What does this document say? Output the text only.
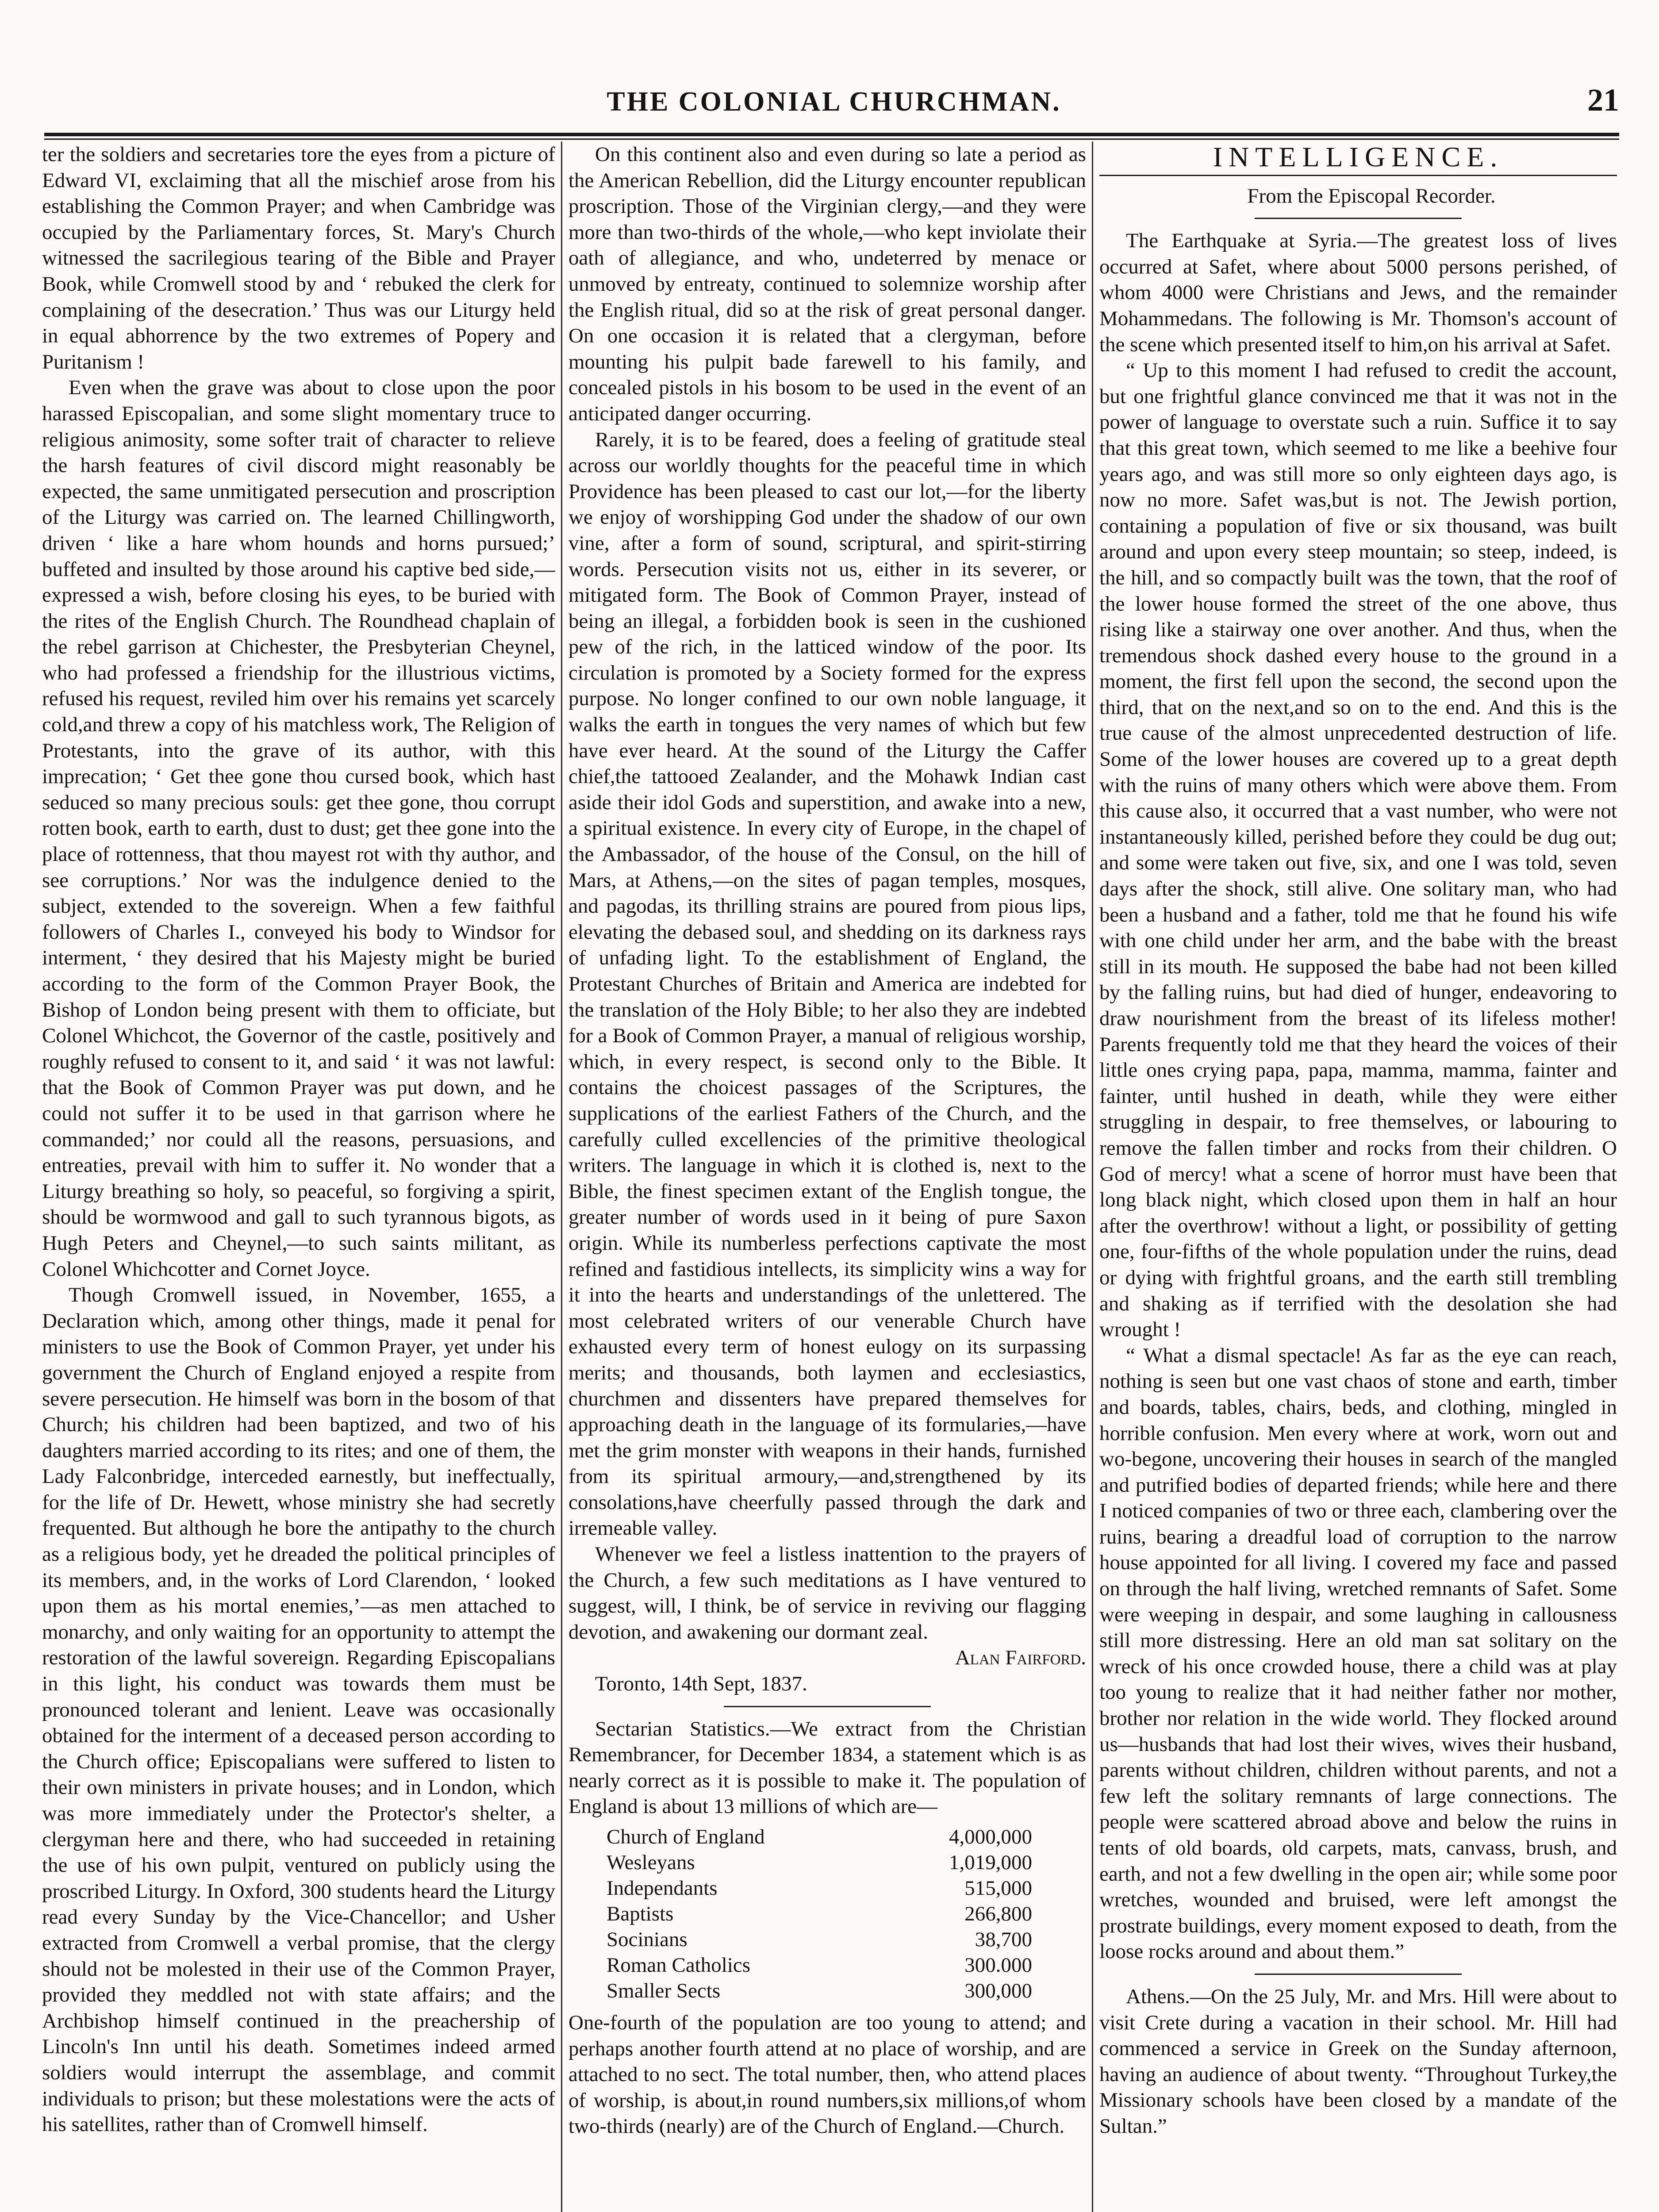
THE COLONIAL CHURCHMAN.	21

ter the soldiers and secretaries tore the eyes from a picture of Edward VI, exclaiming that all the mischief arose from his establishing the Common Prayer; and when Cambridge was occupied by the Parliamentary forces, St. Mary's Church witnessed the sacrilegious tearing of the Bible and Prayer Book, while Cromwell stood by and ‘ rebuked the clerk for complaining of the desecration.’ Thus was our Liturgy held in equal abhorrence by the two extremes of Popery and Puritanism !

Even when the grave was about to close upon the poor harassed Episcopalian, and some slight momentary truce to religious animosity, some softer trait of character to relieve the harsh features of civil discord might reasonably be expected, the same unmitigated persecution and proscription of the Liturgy was carried on. The learned Chillingworth, driven ‘ like a hare whom hounds and horns pursued;’ buffeted and insulted by those around his captive bed side,—expressed a wish, before closing his eyes, to be buried with the rites of the English Church. The Roundhead chaplain of the rebel garrison at Chichester, the Presbyterian Cheynel, who had professed a friendship for the illustrious victims, refused his request, reviled him over his remains yet scarcely cold,and threw a copy of his matchless work, The Religion of Protestants, into the grave of its author, with this imprecation; ‘ Get thee gone thou cursed book, which hast seduced so many precious souls: get thee gone, thou corrupt rotten book, earth to earth, dust to dust; get thee gone into the place of rottenness, that thou mayest rot with thy author, and see corruptions.’ Nor was the indulgence denied to the subject, extended to the sovereign. When a few faithful followers of Charles I., conveyed his body to Windsor for interment, ‘ they desired that his Majesty might be buried according to the form of the Common Prayer Book, the Bishop of London being present with them to officiate, but Colonel Whichcot, the Governor of the castle, positively and roughly refused to consent to it, and said ‘ it was not lawful: that the Book of Common Prayer was put down, and he could not suffer it to be used in that garrison where he commanded;’ nor could all the reasons, persuasions, and entreaties, prevail with him to suffer it. No wonder that a Liturgy breathing so holy, so peaceful, so forgiving a spirit, should be wormwood and gall to such tyrannous bigots, as Hugh Peters and Cheynel,—to such saints militant, as Colonel Whichcotter and Cornet Joyce.

Though Cromwell issued, in November, 1655, a Declaration which, among other things, made it penal for ministers to use the Book of Common Prayer, yet under his government the Church of England enjoyed a respite from severe persecution. He himself was born in the bosom of that Church; his children had been baptized, and two of his daughters married according to its rites; and one of them, the Lady Falconbridge, interceded earnestly, but ineffectually, for the life of Dr. Hewett, whose ministry she had secretly frequented. But although he bore the antipathy to the church as a religious body, yet he dreaded the political principles of its members, and, in the works of Lord Clarendon, ‘ looked upon them as his mortal enemies,’—as men attached to monarchy, and only waiting for an opportunity to attempt the restoration of the lawful sovereign. Regarding Episcopalians in this light, his conduct was towards them must be pronounced tolerant and lenient. Leave was occasionally obtained for the interment of a deceased person according to the Church office; Episcopalians were suffered to listen to their own ministers in private houses; and in London, which was more immediately under the Protector's shelter, a clergyman here and there, who had succeeded in retaining the use of his own pulpit, ventured on publicly using the proscribed Liturgy. In Oxford, 300 students heard the Liturgy read every Sunday by the Vice-Chancellor; and Usher extracted from Cromwell a verbal promise, that the clergy should not be molested in their use of the Common Prayer, provided they meddled not with state affairs; and the Archbishop himself continued in the preachership of Lincoln's Inn until his death. Sometimes indeed armed soldiers would interrupt the assemblage, and commit individuals to prison; but these molestations were the acts of his satellites, rather than of Cromwell himself.

On this continent also and even during so late a period as the American Rebellion, did the Liturgy encounter republican proscription. Those of the Virginian clergy,—and they were more than two-thirds of the whole,—who kept inviolate their oath of allegiance, and who, undeterred by menace or unmoved by entreaty, continued to solemnize worship after the English ritual, did so at the risk of great personal danger. On one occasion it is related that a clergyman, before mounting his pulpit bade farewell to his family, and concealed pistols in his bosom to be used in the event of an anticipated danger occurring.

Rarely, it is to be feared, does a feeling of gratitude steal across our worldly thoughts for the peaceful time in which Providence has been pleased to cast our lot,—for the liberty we enjoy of worshipping God under the shadow of our own vine, after a form of sound, scriptural, and spirit-stirring words. Persecution visits not us, either in its severer, or mitigated form. The Book of Common Prayer, instead of being an illegal, a forbidden book is seen in the cushioned pew of the rich, in the latticed window of the poor. Its circulation is promoted by a Society formed for the express purpose. No longer confined to our own noble language, it walks the earth in tongues the very names of which but few have ever heard. At the sound of the Liturgy the Caffer chief,the tattooed Zealander, and the Mohawk Indian cast aside their idol Gods and superstition, and awake into a new, a spiritual existence. In every city of Europe, in the chapel of the Ambassador, of the house of the Consul, on the hill of Mars, at Athens,—on the sites of pagan temples, mosques, and pagodas, its thrilling strains are poured from pious lips, elevating the debased soul, and shedding on its darkness rays of unfading light. To the establishment of England, the Protestant Churches of Britain and America are indebted for the translation of the Holy Bible; to her also they are indebted for a Book of Common Prayer, a manual of religious worship, which, in every respect, is second only to the Bible. It contains the choicest passages of the Scriptures, the supplications of the earliest Fathers of the Church, and the carefully culled excellencies of the primitive theological writers. The language in which it is clothed is, next to the Bible, the finest specimen extant of the English tongue, the greater number of words used in it being of pure Saxon origin. While its numberless perfections captivate the most refined and fastidious intellects, its simplicity wins a way for it into the hearts and understandings of the unlettered. The most celebrated writers of our venerable Church have exhausted every term of honest eulogy on its surpassing merits; and thousands, both laymen and ecclesiastics, churchmen and dissenters have prepared themselves for approaching death in the language of its formularies,—have met the grim monster with weapons in their hands, furnished from its spiritual armoury,—and,strengthened by its consolations,have cheerfully passed through the dark and irremeable valley.

Whenever we feel a listless inattention to the prayers of the Church, a few such meditations as I have ventured to suggest, will, I think, be of service in reviving our flagging devotion, and awakening our dormant zeal.

Alan Fairford.

Toronto, 14th Sept, 1837.

Sectarian Statistics.—We extract from the Christian Remembrancer, for December 1834, a statement which is as nearly correct as it is possible to make it. The population of England is about 13 millions of which are—

Church of England	4,000,000
Wesleyans	1,019,000
Independants	515,000
Baptists	266,800
Socinians	38,700
Roman Catholics	300.000
Smaller Sects	300,000

One-fourth of the population are too young to attend; and perhaps another fourth attend at no place of worship, and are attached to no sect. The total number, then, who attend places of worship, is about,in round numbers,six millions,of whom two-thirds (nearly) are of the Church of England.—Church.

INTELLIGENCE.

From the Episcopal Recorder.

The Earthquake at Syria.—The greatest loss of lives occurred at Safet, where about 5000 persons perished, of whom 4000 were Christians and Jews, and the remainder Mohammedans. The following is Mr. Thomson's account of the scene which presented itself to him,on his arrival at Safet.

“ Up to this moment I had refused to credit the account, but one frightful glance convinced me that it was not in the power of language to overstate such a ruin. Suffice it to say that this great town, which seemed to me like a beehive four years ago, and was still more so only eighteen days ago, is now no more. Safet was,but is not. The Jewish portion, containing a population of five or six thousand, was built around and upon every steep mountain; so steep, indeed, is the hill, and so compactly built was the town, that the roof of the lower house formed the street of the one above, thus rising like a stairway one over another. And thus, when the tremendous shock dashed every house to the ground in a moment, the first fell upon the second, the second upon the third, that on the next,and so on to the end. And this is the true cause of the almost unprecedented destruction of life. Some of the lower houses are covered up to a great depth with the ruins of many others which were above them. From this cause also, it occurred that a vast number, who were not instantaneously killed, perished before they could be dug out; and some were taken out five, six, and one I was told, seven days after the shock, still alive. One solitary man, who had been a husband and a father, told me that he found his wife with one child under her arm, and the babe with the breast still in its mouth. He supposed the babe had not been killed by the falling ruins, but had died of hunger, endeavoring to draw nourishment from the breast of its lifeless mother! Parents frequently told me that they heard the voices of their little ones crying papa, papa, mamma, mamma, fainter and fainter, until hushed in death, while they were either struggling in despair, to free themselves, or labouring to remove the fallen timber and rocks from their children. O God of mercy! what a scene of horror must have been that long black night, which closed upon them in half an hour after the overthrow! without a light, or possibility of getting one, four-fifths of the whole population under the ruins, dead or dying with frightful groans, and the earth still trembling and shaking as if terrified with the desolation she had wrought !

“ What a dismal spectacle! As far as the eye can reach, nothing is seen but one vast chaos of stone and earth, timber and boards, tables, chairs, beds, and clothing, mingled in horrible confusion. Men every where at work, worn out and wo-begone, uncovering their houses in search of the mangled and putrified bodies of departed friends; while here and there I noticed companies of two or three each, clambering over the ruins, bearing a dreadful load of corruption to the narrow house appointed for all living. I covered my face and passed on through the half living, wretched remnants of Safet. Some were weeping in despair, and some laughing in callousness still more distressing. Here an old man sat solitary on the wreck of his once crowded house, there a child was at play too young to realize that it had neither father nor mother, brother nor relation in the wide world. They flocked around us—husbands that had lost their wives, wives their husband, parents without children, children without parents, and not a few left the solitary remnants of large connections. The people were scattered abroad above and below the ruins in tents of old boards, old carpets, mats, canvass, brush, and earth, and not a few dwelling in the open air; while some poor wretches, wounded and bruised, were left amongst the prostrate buildings, every moment exposed to death, from the loose rocks around and about them.”

Athens.—On the 25 July, Mr. and Mrs. Hill were about to visit Crete during a vacation in their school. Mr. Hill had commenced a service in Greek on the Sunday afternoon, having an audience of about twenty. “Throughout Turkey,the Missionary schools have been closed by a mandate of the Sultan.”
